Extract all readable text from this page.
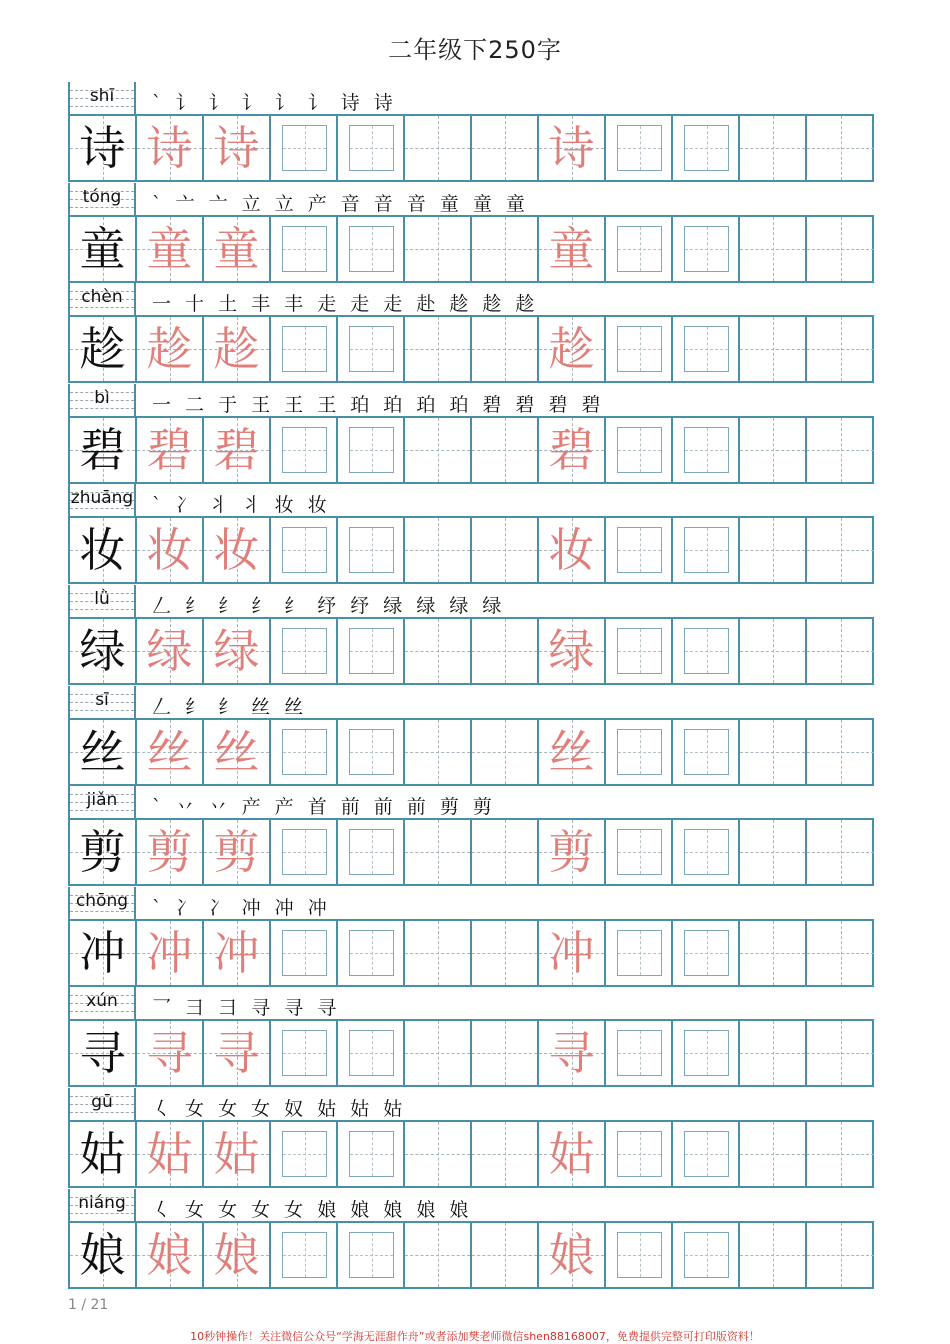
二年级下250字
shī	` 讠 讠 讠 讠 讠 诗 诗
诗 诗 诗	诗
tóng	` 亠 亠 立 立 产 音 音 音 童 童 童
童 童 童	童
chèn	一 十 土 丰 丰 走 走 走 赴 趁 趁 趁
趁 趁 趁	趁
bì	一 二 于 王 王 王 珀 珀 珀 珀 碧 碧 碧 碧
碧 碧 碧	碧
zhuāng ` 冫 丬 丬 妆 妆
妆 妆 妆	妆
lǜ	𠃋 纟 纟 纟 纟 纾 纾 绿 绿 绿 绿
绿 绿 绿	绿
sī	𠃋 纟 纟 丝 丝
丝 丝 丝	丝
jiǎn	` 丷 丷 产 产 首 前 前 前 剪 剪
剪 剪 剪	剪
chōng	` 冫 冫 冲 冲 冲
冲 冲 冲	冲
xún	乛 彐 彐 寻 寻 寻
寻 寻 寻	寻
gū	𡿨 女 女 女 奴 姑 姑 姑
姑 姑 姑	姑
niáng	𡿨 女 女 女 女 娘 娘 娘 娘 娘
娘 娘 娘	娘
1 / 21
10秒钟操作！关注微信公众号“学海无涯甜作舟”或者添加樊老师微信shen88168007，免费提供完整可打印版资料！
